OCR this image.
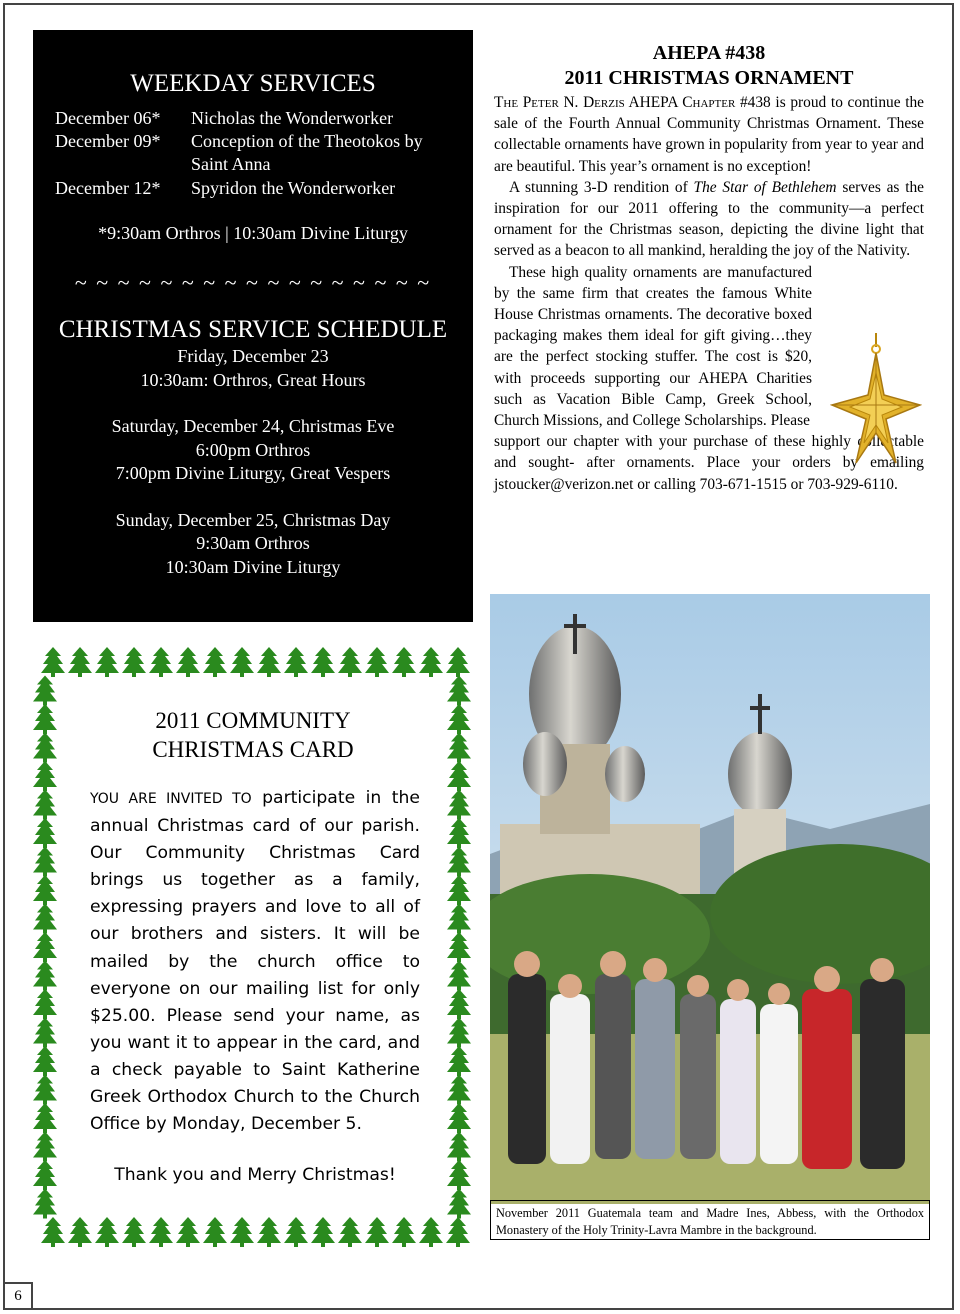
WEEKDAY SERVICES
December 06* Nicholas the Wonderworker
December 09* Conception of the Theotokos by
Saint Anna
December 12* Spyridon the Wonderworker
*9:30am Orthros | 10:30am Divine Liturgy
~ ~ ~ ~ ~ ~ ~ ~ ~ ~ ~ ~ ~ ~ ~ ~ ~
CHRISTMAS SERVICE SCHEDULE
Friday, December 23
10:30am: Orthros, Great Hours
Saturday, December 24, Christmas Eve
6:00pm Orthros
7:00pm Divine Liturgy, Great Vespers
Sunday, December 25, Christmas Day
9:30am Orthros
10:30am Divine Liturgy
AHEPA #438
2011 CHRISTMAS ORNAMENT

The Peter N. Derzis AHEPA Chapter #438 is proud to continue the sale of the Fourth Annual Community Christmas Ornament. These collectable ornaments have grown in popularity from year to year and are beautiful. This year’s ornament is no exception!

A stunning 3-D rendition of The Star of Bethlehem serves as the inspiration for our 2011 offering to the community—a perfect ornament for the Christmas season, depicting the divine light that served as a beacon to all mankind, heralding the joy of the Nativity.

These high quality ornaments are manufactured by the same firm that creates the famous White House Christmas ornaments. The decorative boxed packaging makes them ideal for gift giving…they are the perfect stocking stuffer. The cost is $20, with proceeds supporting our AHEPA Charities such as Vacation Bible Camp, Greek School, Church Missions, and College Scholarships. Please

support our chapter with your purchase of these highly collectable and sought- after ornaments. Place your orders by emailing jstoucker@verizon.net or calling 703-671-1515 or 703-929-6110.

November 2011 Guatemala team and Madre Ines, Abbess, with the Orthodox Monastery of the Holy Trinity-Lavra Mambre in the background.
2011 COMMUNITY
CHRISTMAS CARD

YOU ARE INVITED TO participate in the annual Christmas card of our parish. Our Community Christmas Card brings us together as a family, expressing prayers and love to all of our brothers and sisters. It will be mailed by the church office to everyone on our mailing list for only $25.00. Please send your name, as you want it to appear in the card, and a check payable to Saint Katherine Greek Orthodox Church to the Church Office by Monday, December 5.

Thank you and Merry Christmas!
6
